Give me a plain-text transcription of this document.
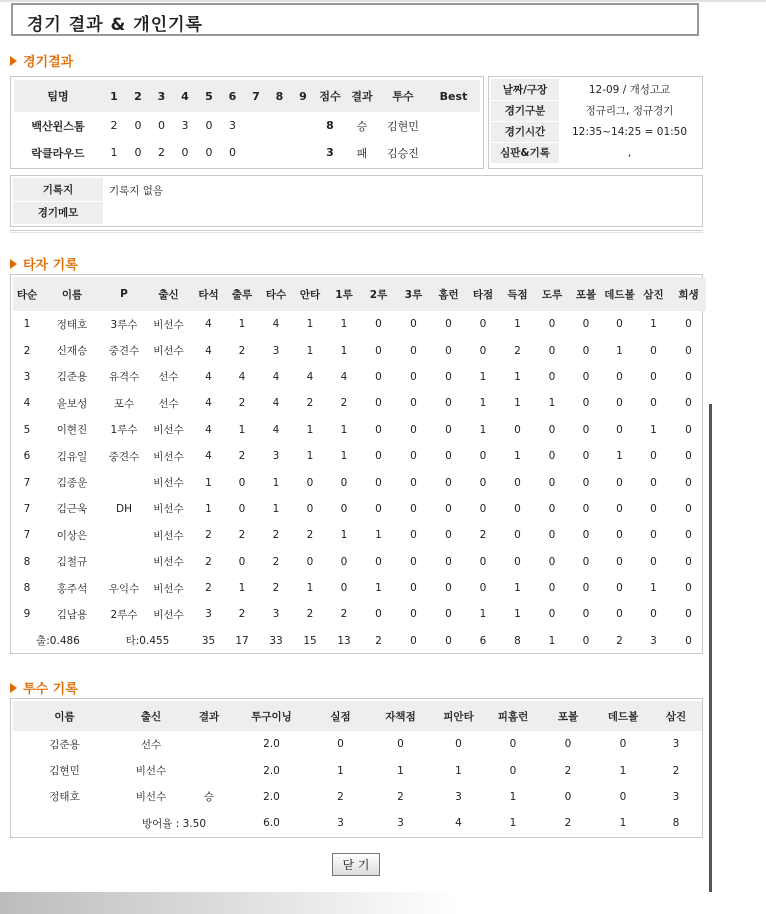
경기 결과 & 개인기록
경기결과
팀명	1	2	3	4	5	6	7	8	9	점수	결과	투수	Best
백산윈스톰	2	0	0	3	0	3				8	승	김현민	
락클라우드	1	0	2	0	0	0				3	패	김승진	
날짜/구장	12-09 / 개성고교
경기구분	정규리그, 정규경기
경기시간	12:35~14:25 = 01:50
심판&기록	,
기록지	기록지 없음
경기메모	
타자 기록
타순	이름	P	출신	타석	출루	타수	안타	1루	2루	3루	홈런	타점	득점	도루	포볼	데드볼	삼진	희생
1	정태호	3루수	비선수	4	1	4	1	1	0	0	0	0	1	0	0	0	1	0
2	신재승	중견수	비선수	4	2	3	1	1	0	0	0	0	2	0	0	1	0	0
3	김준용	유격수	선수	4	4	4	4	4	0	0	0	1	1	0	0	0	0	0
4	윤보성	포수	선수	4	2	4	2	2	0	0	0	1	1	1	0	0	0	0
5	이현진	1루수	비선수	4	1	4	1	1	0	0	0	1	0	0	0	0	1	0
6	김유일	중견수	비선수	4	2	3	1	1	0	0	0	0	1	0	0	1	0	0
7	김종운		비선수	1	0	1	0	0	0	0	0	0	0	0	0	0	0	0
7	김근욱	DH	비선수	1	0	1	0	0	0	0	0	0	0	0	0	0	0	0
7	이상은		비선수	2	2	2	2	1	1	0	0	2	0	0	0	0	0	0
8	김철규		비선수	2	0	2	0	0	0	0	0	0	0	0	0	0	0	0
8	홍주석	우익수	비선수	2	1	2	1	0	1	0	0	0	1	0	0	0	1	0
9	김남용	2루수	비선수	3	2	3	2	2	0	0	0	1	1	0	0	0	0	0
출:0.486		타:0.455		35	17	33	15	13	2	0	0	6	8	1	0	2	3	0
투수 기록
이름	출신	결과	투구이닝	실점	자책점	피안타	피홈런	포볼	데드볼	삼진
김준용	선수		2.0	0	0	0	0	0	0	3
김현민	비선수		2.0	1	1	1	0	2	1	2
정태호	비선수	승	2.0	2	2	3	1	0	0	3
	방어율 : 3.50		6.0	3	3	4	1	2	1	8
닫 기
